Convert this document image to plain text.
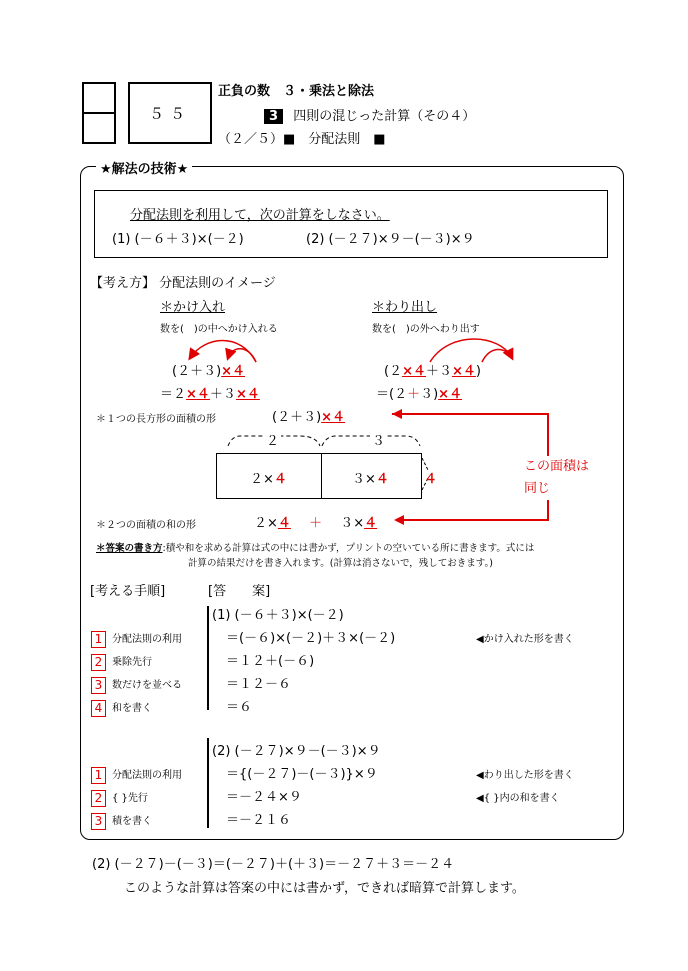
５５
正負の数　３・乗法と除法
3 四則の混じった計算（その４）
（２／５）■　分配法則　■
★解法の技術★
分配法則を利用して，次の計算をしなさい。
(1) (－６＋３)×(－２)	(2) (－２７)×９－(－３)×９
【考え方】 分配法則のイメージ
＊かけ入れ
数を(　)の中へかけ入れる
＊わり出し
数を(　)の外へわり出す
(２＋３)×４
＝２×４＋３×４
(２×４＋３×４)
＝(２＋３)×４
＊１つの長方形の面積の形	(２＋３)×４
２	３
２×４	３×４	４
この面積は
同じ
＊２つの面積の和の形	２×４ ＋ ３×４
＊答案の書き方:積や和を求める計算は式の中には書かず，プリントの空いている所に書きます。式には
計算の結果だけを書き入れます。(計算は消さないで，残しておきます。)
[考える手順]	[答　　案]
(1) (－６＋３)×(－２)
1 分配法則の利用	＝(－６)×(－２)＋３×(－２)	◀かけ入れた形を書く
2 乗除先行	＝１２＋(－６)
3 数だけを並べる	＝１２－６
4 和を書く	＝６
(2) (－２７)×９－(－３)×９
1 分配法則の利用	＝{(－２７)－(－３)}×９	◀わり出した形を書く
2 { }先行	＝－２４×９	◀{ }内の和を書く
3 積を書く	＝－２１６
(2) (－２７)－(－３)＝(－２７)＋(＋３)＝－２７＋３＝－２４
このような計算は答案の中には書かず，できれば暗算で計算します。
